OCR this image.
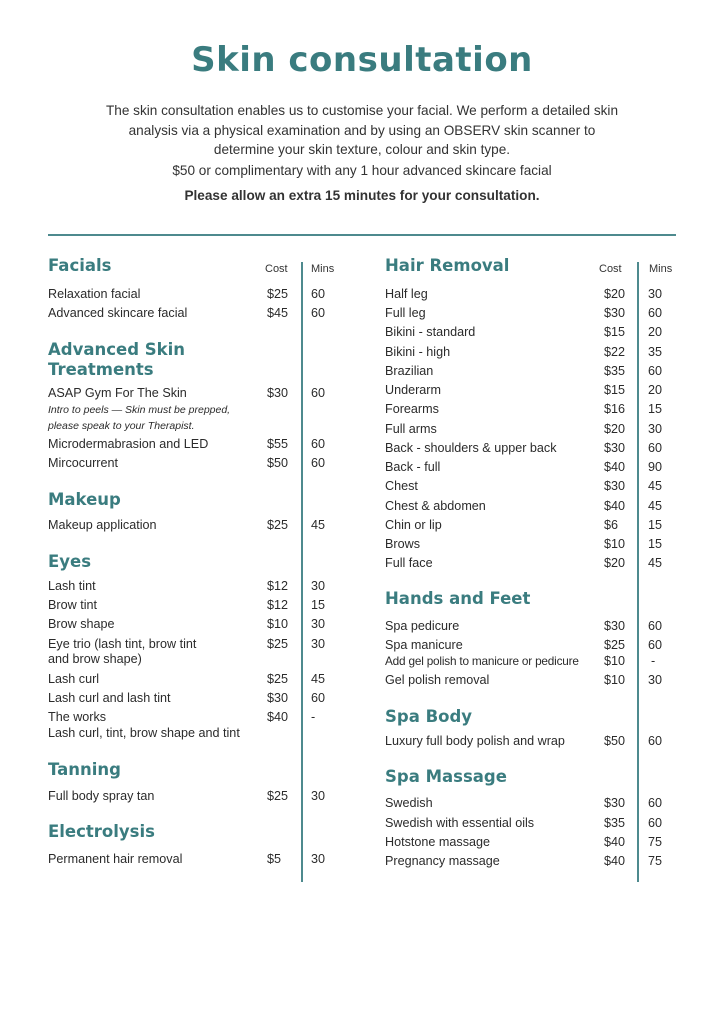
Skin consultation
The skin consultation enables us to customise your facial. We perform a detailed skin analysis via a physical examination and by using an OBSERV skin scanner to determine your skin texture, colour and skin type.
$50 or complimentary with any 1 hour advanced skincare facial
Please allow an extra 15 minutes for your consultation.
Cost Mins	Cost Mins
Facials
Relaxation facial	$25 60
Advanced skincare facial	$45 60
Advanced Skin
Treatments
ASAP Gym For The Skin	$30 60
Intro to peels — Skin must be prepped,
please speak to your Therapist.
Microdermabrasion and LED	$55 60
Mircocurrent	$50 60
Makeup
Makeup application	$25 45
Eyes
Lash tint	$12 30
Brow tint	$12 15
Brow shape	$10 30
Eye trio (lash tint, brow tint
and brow shape)
$25 30
Lash curl	$25 45
Lash curl and lash tint	$30 60
The works
Lash curl, tint, brow shape and tint
$40 -
Tanning
Full body spray tan	$25 30
Electrolysis
Permanent hair removal	$5 30
Hair Removal
Half leg	$20 30
Full leg	$30 60
Bikini - standard	$15 20
Bikini - high	$22 35
Brazilian	$35 60
Underarm	$15 20
Forearms	$16 15
Full arms	$20 30
Back - shoulders & upper back	$30 60
Back - full	$40 90
Chest	$30 45
Chest & abdomen	$40 45
Chin or lip	$6 15
Brows	$10 15
Full face	$20 45
Hands and Feet
Spa pedicure	$30 60
Spa manicure	$25 60
Add gel polish to manicure or pedicure $10 -
Gel polish removal	$10 30
Spa Body
Luxury full body polish and wrap	$50 60
Spa Massage
Swedish	$30 60
Swedish with essential oils	$35 60
Hotstone massage	$40 75
Pregnancy massage	$40 75
